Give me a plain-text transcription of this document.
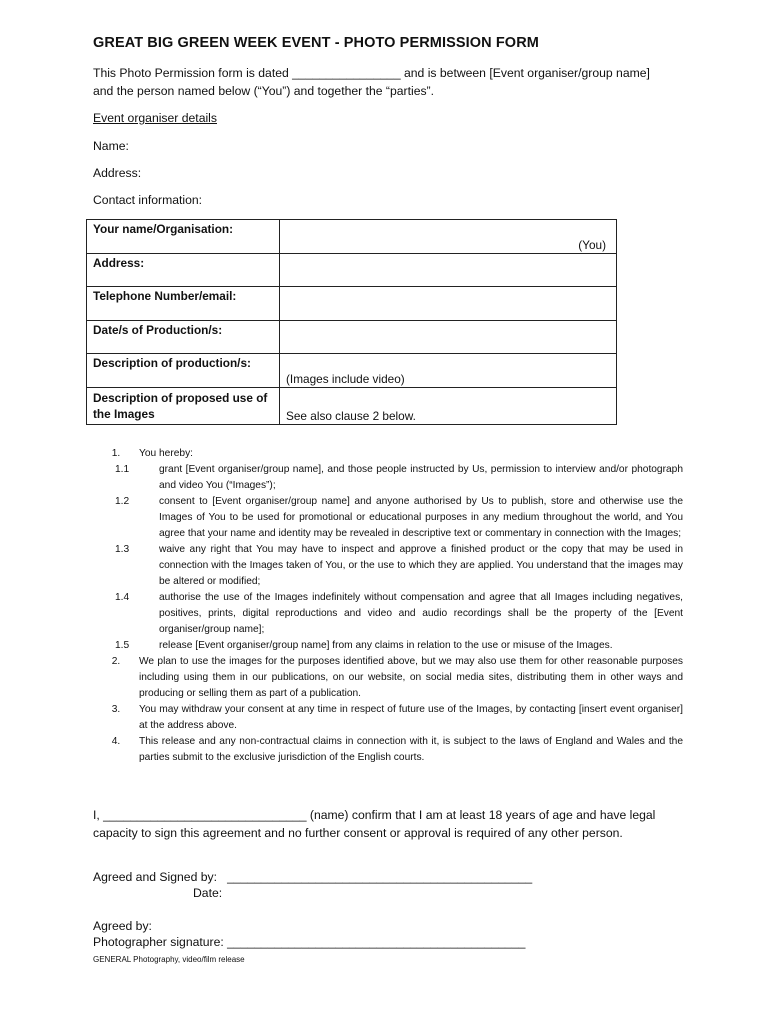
GREAT BIG GREEN WEEK EVENT - PHOTO PERMISSION FORM
This Photo Permission form is dated ________________ and is between [Event organiser/group name] and the person named below (“You”) and together the “parties”.
Event organiser details
Name:
Address:
Contact information:
Your name/Organisation:	(You)

Address:	

Telephone Number/email:	

Date/s of Production/s:	

Description of production/s:	(Images include video)

Description of proposed use of the Images	See also clause 2 below.
1.	You hereby:
1.1	grant [Event organiser/group name], and those people instructed by Us, permission to interview and/or photograph and video You (“Images”);
1.2	consent to [Event organiser/group name] and anyone authorised by Us to publish, store and otherwise use the Images of You to be used for promotional or educational purposes in any medium throughout the world, and You agree that your name and identity may be revealed in descriptive text or commentary in connection with the Images;
1.3	waive any right that You may have to inspect and approve a finished product or the copy that may be used in connection with the Images taken of You, or the use to which they are applied. You understand that the images may be altered or modified;
1.4	authorise the use of the Images indefinitely without compensation and agree that all Images including negatives, positives, prints, digital reproductions and video and audio recordings shall be the property of the [Event organiser/group name];
1.5	release [Event organiser/group name] from any claims in relation to the use or misuse of the Images.
2.	We plan to use the images for the purposes identified above, but we may also use them for other reasonable purposes including using them in our publications, on our website, on social media sites, distributing them in other ways and producing or selling them as part of a publication.
3.	You may withdraw your consent at any time in respect of future use of the Images, by contacting [insert event organiser] at the address above.
4.	This release and any non-contractual claims in connection with it, is subject to the laws of England and Wales and the parties submit to the exclusive jurisdiction of the English courts.
I, ______________________________ (name) confirm that I am at least 18 years of age and have legal capacity to sign this agreement and no further consent or approval is required of any other person.
Agreed and Signed by:   _____________________________________________
Date:
Agreed by:
Photographer signature: ____________________________________________
GENERAL Photography, video/film release
